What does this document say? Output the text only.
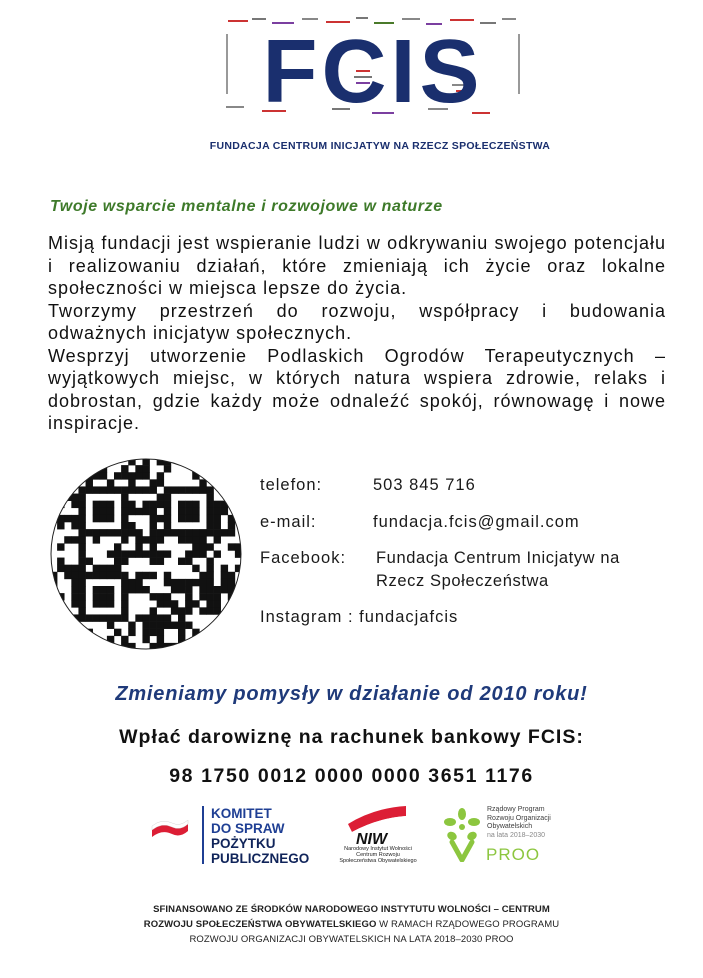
FCIS
FUNDACJA CENTRUM INICJATYW NA RZECZ SPOŁECZEŃSTWA
Twoje wsparcie mentalne i rozwojowe w naturze

Misją fundacji jest wspieranie ludzi w odkrywaniu swojego potencjału i realizowaniu działań, które zmieniają ich życie oraz lokalne społeczności w miejsca lepsze do życia.

Tworzymy przestrzeń do rozwoju, współpracy i budowania odważnych inicjatyw społecznych.

Wesprzyj utworzenie Podlaskich Ogrodów Terapeutycznych – wyjątkowych miejsc, w których natura wspiera zdrowie, relaks i dobrostan, gdzie każdy może odnaleźć spokój, równowagę i nowe inspiracje.

telefon:	503 845 716
e-mail:	fundacja.fcis@gmail.com
Facebook: Fundacja Centrum Inicjatyw na
Rzecz Społeczeństwa
Instagram : fundacjafcis
Zmieniamy pomysły w działanie od 2010 roku!
Wpłać darowiznę na rachunek bankowy FCIS:
98 1750 0012 0000 0000 3651 1176
KOMITET
DO SPRAW
POŻYTKU
PUBLICZNEGO
NIW
Narodowy Instytut Wolności
Centrum Rozwoju Społeczeństwa Obywatelskiego
Rządowy Program
Rozwoju Organizacji
Obywatelskich
na lata 2018–2030
PROO
SFINANSOWANO ZE ŚRODKÓW NARODOWEGO INSTYTUTU WOLNOŚCI – CENTRUM
ROZWOJU SPOŁECZEŃSTWA OBYWATELSKIEGO W RAMACH RZĄDOWEGO PROGRAMU
ROZWOJU ORGANIZACJI OBYWATELSKICH NA LATA 2018–2030 PROO
